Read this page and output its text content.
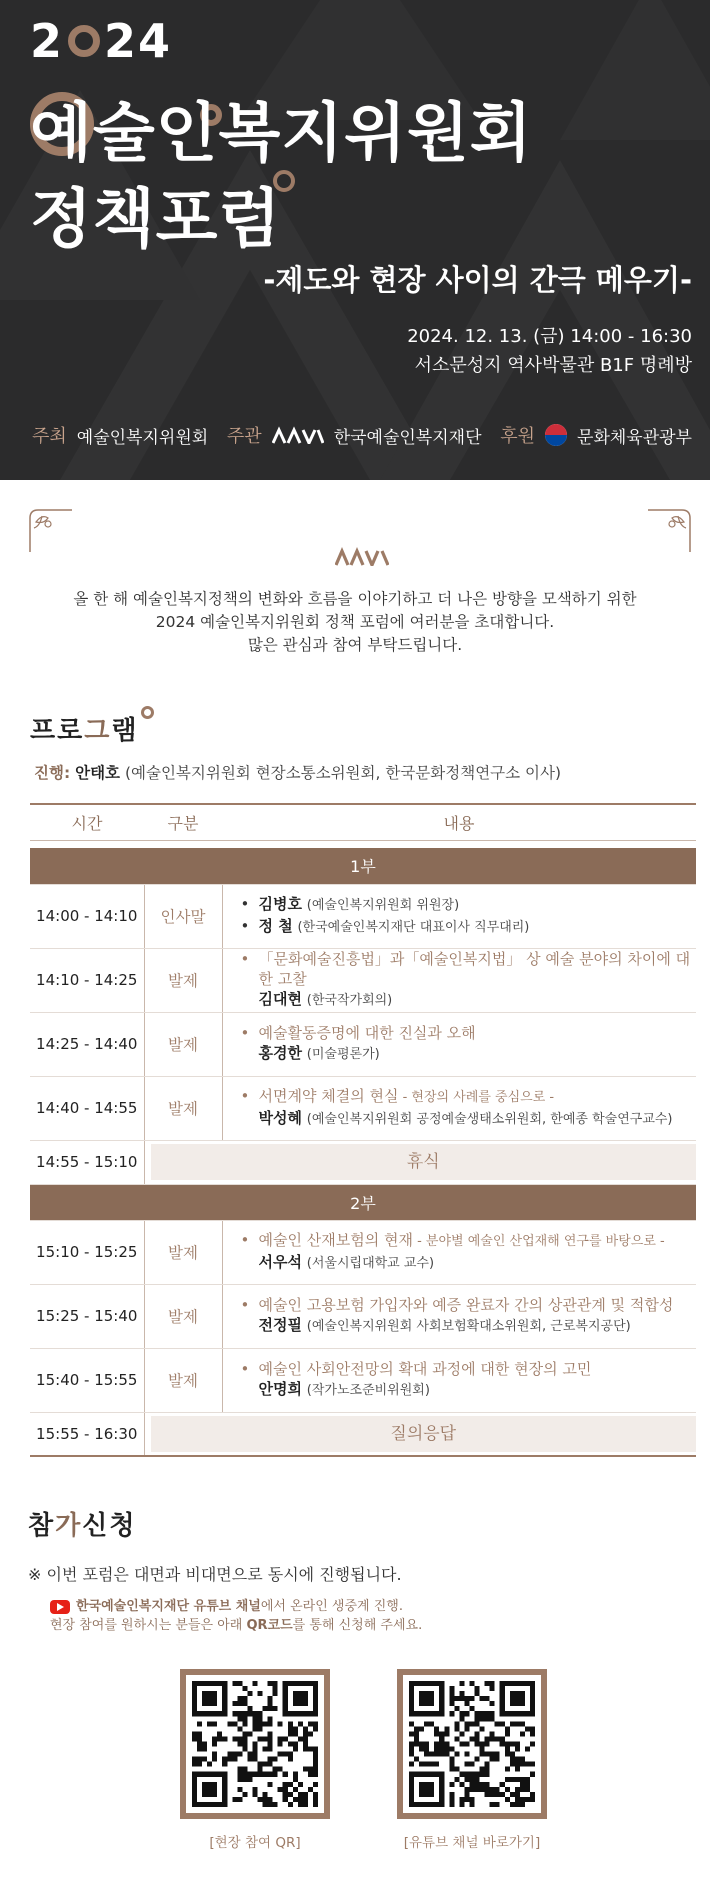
2 24
예술인복지위원회
정책포럼
-제도와 현장 사이의 간극 메우기-
2024. 12. 13. (금) 14:00 - 16:30
서소문성지 역사박물관 B1F 명례방
주최 예술인복지위원회 주관	한국예술인복지재단 후원 문화체육관광부
올 한 해 예술인복지정책의 변화와 흐름을 이야기하고 더 나은 방향을 모색하기 위한
2024 예술인복지위원회 정책 포럼에 여러분을 초대합니다.
많은 관심과 참여 부탁드립니다.
프로그램
진행: 안태호 (예술인복지위원회 현장소통소위원회, 한국문화정책연구소 이사)
시간	구분	내용

1부		
14:00 - 14:10	인사말	• 김병호 (예술인복지위원회 위원장)
• 정 철 (한국예술인복지재단 대표이사 직무대리)

14:10 - 14:25	발제	• 「문화예술진흥법」과「예술인복지법」 상 예술 분야의 차이에 대한 고찰
김대현 (한국작가회의)

14:25 - 14:40	발제	• 예술활동증명에 대한 진실과 오해
홍경한 (미술평론가)

14:40 - 14:55	발제	• 서면계약 체결의 현실 - 현장의 사례를 중심으로 -
박성혜 (예술인복지위원회 공정예술생태소위원회, 한예종 학술연구교수)

14:55 - 15:10	휴식	

2부		
15:10 - 15:25	발제	• 예술인 산재보험의 현재 - 분야별 예술인 산업재해 연구를 바탕으로 -
서우석 (서울시립대학교 교수)

15:25 - 15:40	발제	• 예술인 고용보험 가입자와 예증 완료자 간의 상관관계 및 적합성
전정필 (예술인복지위원회 사회보험확대소위원회, 근로복지공단)

15:40 - 15:55	발제	• 예술인 사회안전망의 확대 과정에 대한 현장의 고민
안명희 (작가노조준비위원회)

15:55 - 16:30	질의응답	
참가신청
※ 이번 포럼은 대면과 비대면으로 동시에 진행됩니다.
한국예술인복지재단 유튜브 채널에서 온라인 생중계 진행.
현장 참여를 원하시는 분들은 아래 QR코드를 통해 신청해 주세요.
[현장 참여 QR]	[유튜브 채널 바로가기]
